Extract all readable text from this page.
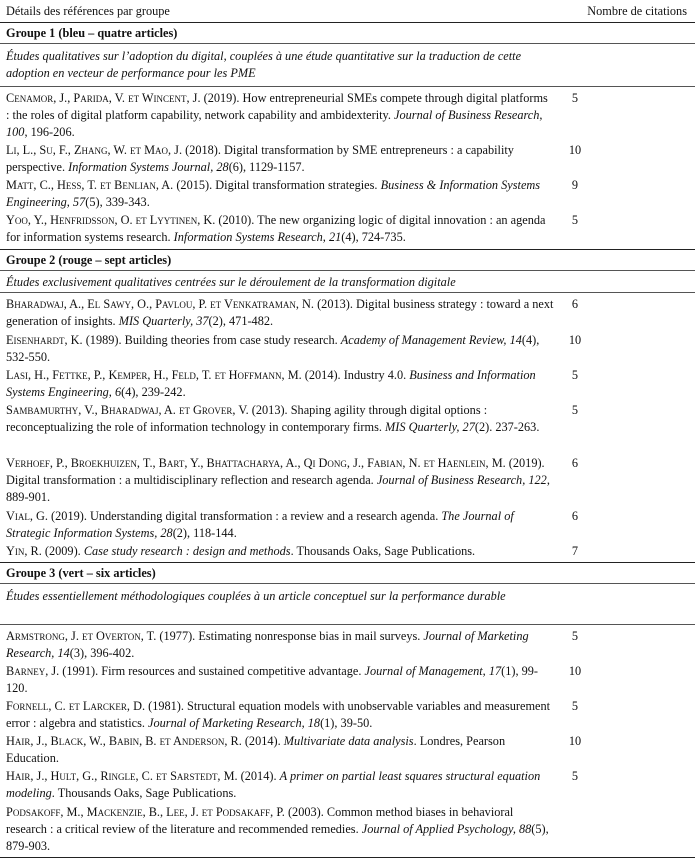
Détails des références par groupe	Nombre de citations
Groupe 1 (bleu – quatre articles)
Études qualitatives sur l’adoption du digital, couplées à une étude quantitative sur la traduction de cette adoption en vecteur de performance pour les PME
Cenamor, J., Parida, V. et Wincent, J. (2019). How entrepreneurial SMEs compete through digital platforms : the roles of digital platform capability, network capability and ambidexterity. Journal of Business Research, 100, 196-206.
5
Li, L., Su, F., Zhang, W. et Mao, J. (2018). Digital transformation by SME entrepreneurs : a capability perspective. Information Systems Journal, 28(6), 1129-1157.
10
Matt, C., Hess, T. et Benlian, A. (2015). Digital transformation strategies. Business & Information Systems Engineering, 57(5), 339-343.
9
Yoo, Y., Henfridsson, O. et Lyytinen, K. (2010). The new organizing logic of digital innovation : an agenda for information systems research. Information Systems Research, 21(4), 724-735.
5
Groupe 2 (rouge – sept articles)
Études exclusivement qualitatives centrées sur le déroulement de la transformation digitale
Bharadwaj, A., El Sawy, O., Pavlou, P. et Venkatraman, N. (2013). Digital business strategy : toward a next generation of insights. MIS Quarterly, 37(2), 471-482.
6
Eisenhardt, K. (1989). Building theories from case study research. Academy of Management Review, 14(4), 532-550.
10
Lasi, H., Fettke, P., Kemper, H., Feld, T. et Hoffmann, M. (2014). Industry 4.0. Business and Information Systems Engineering, 6(4), 239-242.
5
Sambamurthy, V., Bharadwaj, A. et Grover, V. (2013). Shaping agility through digital options : reconceptualizing the role of information technology in contemporary firms. MIS Quarterly, 27(2). 237-263.
5
Verhoef, P., Broekhuizen, T., Bart, Y., Bhattacharya, A., Qi Dong, J., Fabian, N. et Haenlein, M. (2019). Digital transformation : a multidisciplinary reflection and research agenda. Journal of Business Research, 122, 889-901.
6
Vial, G. (2019). Understanding digital transformation : a review and a research agenda. The Journal of Strategic Information Systems, 28(2), 118-144.
6
Yin, R. (2009). Case study research : design and methods. Thousands Oaks, Sage Publications.	7
Groupe 3 (vert – six articles)
Études essentiellement méthodologiques couplées à un article conceptuel sur la performance durable
Armstrong, J. et Overton, T. (1977). Estimating nonresponse bias in mail surveys. Journal of Marketing Research, 14(3), 396-402.
5
Barney, J. (1991). Firm resources and sustained competitive advantage. Journal of Management, 17(1), 99-120.
10
Fornell, C. et Larcker, D. (1981). Structural equation models with unobservable variables and measurement error : algebra and statistics. Journal of Marketing Research, 18(1), 39-50.
5
Hair, J., Black, W., Babin, B. et Anderson, R. (2014). Multivariate data analysis. Londres, Pearson Education.
10
Hair, J., Hult, G., Ringle, C. et Sarstedt, M. (2014). A primer on partial least squares structural equation modeling. Thousands Oaks, Sage Publications.
5
Podsakoff, M., Mackenzie, B., Lee, J. et Podsakaff, P. (2003). Common method biases in behavioral research : a critical review of the literature and recommended remedies. Journal of Applied Psychology, 88(5), 879-903.
